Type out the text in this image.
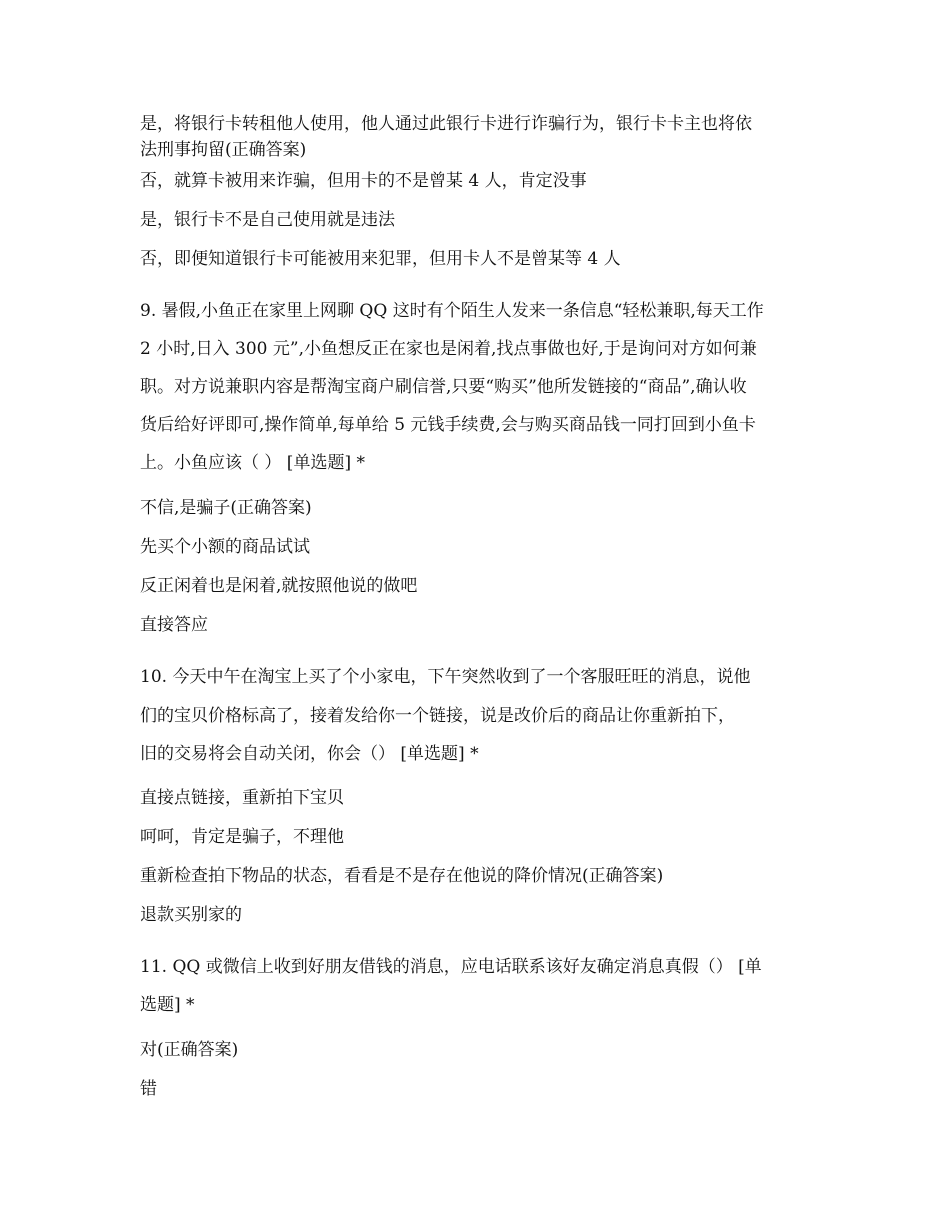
是，将银行卡转租他人使用，他人通过此银行卡进行诈骗行为，银行卡卡主也将依
法刑事拘留(正确答案)
否，就算卡被用来诈骗，但用卡的不是曾某 4 人，肯定没事
是，银行卡不是自己使用就是违法
否，即便知道银行卡可能被用来犯罪，但用卡人不是曾某等 4 人
9. 暑假,小鱼正在家里上网聊 QQ 这时有个陌生人发来一条信息“轻松兼职,每天工作
2 小时,日入 300 元”,小鱼想反正在家也是闲着,找点事做也好,于是询问对方如何兼
职。对方说兼职内容是帮淘宝商户刷信誉,只要“购买”他所发链接的“商品”,确认收
货后给好评即可,操作简单,每单给 5 元钱手续费,会与购买商品钱一同打回到小鱼卡
上。小鱼应该（ ） [单选题] *
不信,是骗子(正确答案)
先买个小额的商品试试
反正闲着也是闲着,就按照他说的做吧
直接答应
10. 今天中午在淘宝上买了个小家电，下午突然收到了一个客服旺旺的消息，说他
们的宝贝价格标高了，接着发给你一个链接，说是改价后的商品让你重新拍下，
旧的交易将会自动关闭，你会（） [单选题] *
直接点链接，重新拍下宝贝
呵呵，肯定是骗子，不理他
重新检查拍下物品的状态，看看是不是存在他说的降价情况(正确答案)
退款买别家的
11. QQ 或微信上收到好朋友借钱的消息，应电话联系该好友确定消息真假（） [单
选题] *
对(正确答案)
错
